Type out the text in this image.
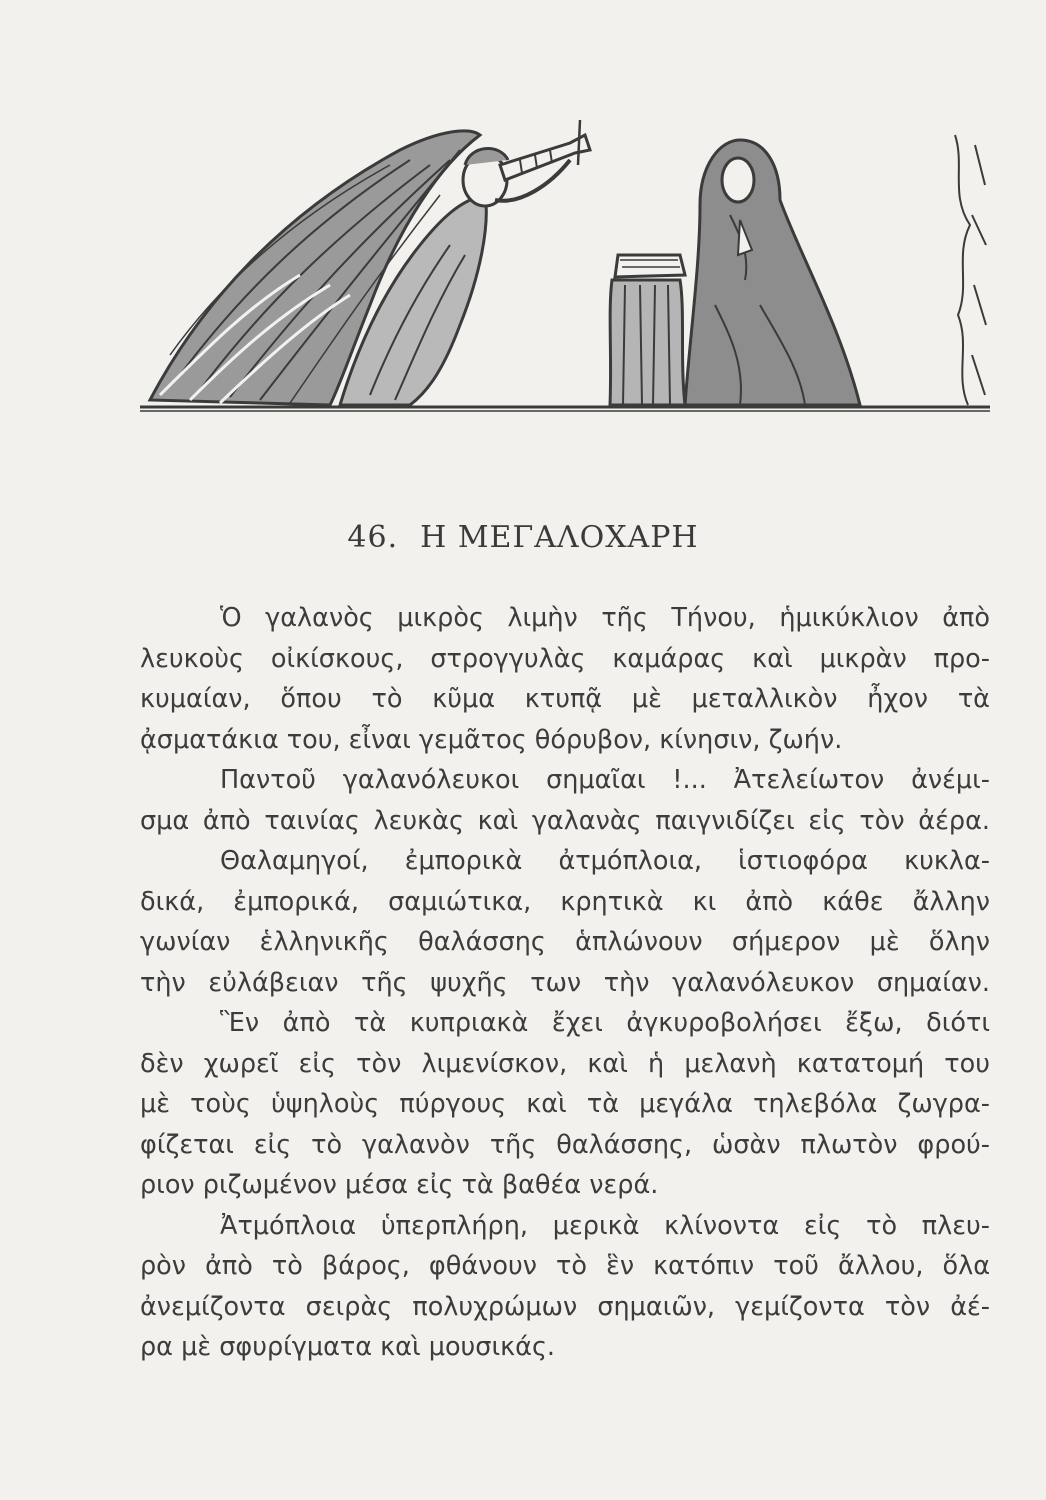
46. Η ΜΕΓΑΛΟΧΑΡΗ
Ὁ γαλανὸς μικρὸς λιμὴν τῆς Τήνου, ἡμικύκλιον ἀπὸ
λευκοὺς οἰκίσκους, στρογγυλὰς καμάρας καὶ μικρὰν προ-
κυμαίαν, ὅπου τὸ κῦμα κτυπᾷ μὲ μεταλλικὸν ἦχον τὰ
ᾀσματάκια του, εἶναι γεμᾶτος θόρυβον, κίνησιν, ζωήν.
Παντοῦ γαλανόλευκοι σημαῖαι !... Ἀτελείωτον ἀνέμι-
σμα ἀπὸ ταινίας λευκὰς καὶ γαλανὰς παιγνιδίζει εἰς τὸν ἀέρα.
Θαλαμηγοί, ἐμπορικὰ ἀτμόπλοια, ἱστιοφόρα κυκλα-
δικά, ἐμπορικά, σαμιώτικα, κρητικὰ κι ἀπὸ κάθε ἄλλην
γωνίαν ἑλληνικῆς θαλάσσης ἁπλώνουν σήμερον μὲ ὅλην
τὴν εὐλάβειαν τῆς ψυχῆς των τὴν γαλανόλευκον σημαίαν.
Ἓν ἀπὸ τὰ κυπριακὰ ἔχει ἀγκυροβολήσει ἔξω, διότι
δὲν χωρεῖ εἰς τὸν λιμενίσκον, καὶ ἡ μελανὴ κατατομή του
μὲ τοὺς ὑψηλοὺς πύργους καὶ τὰ μεγάλα τηλεβόλα ζωγρα-
φίζεται εἰς τὸ γαλανὸν τῆς θαλάσσης, ὡσὰν πλωτὸν φρού-
ριον ριζωμένον μέσα εἰς τὰ βαθέα νερά.
Ἀτμόπλοια ὑπερπλήρη, μερικὰ κλίνοντα εἰς τὸ πλευ-
ρὸν ἀπὸ τὸ βάρος, φθάνουν τὸ ἓν κατόπιν τοῦ ἄλλου, ὅλα
ἀνεμίζοντα σειρὰς πολυχρώμων σημαιῶν, γεμίζοντα τὸν ἀέ-
ρα μὲ σφυρίγματα καὶ μουσικάς.
